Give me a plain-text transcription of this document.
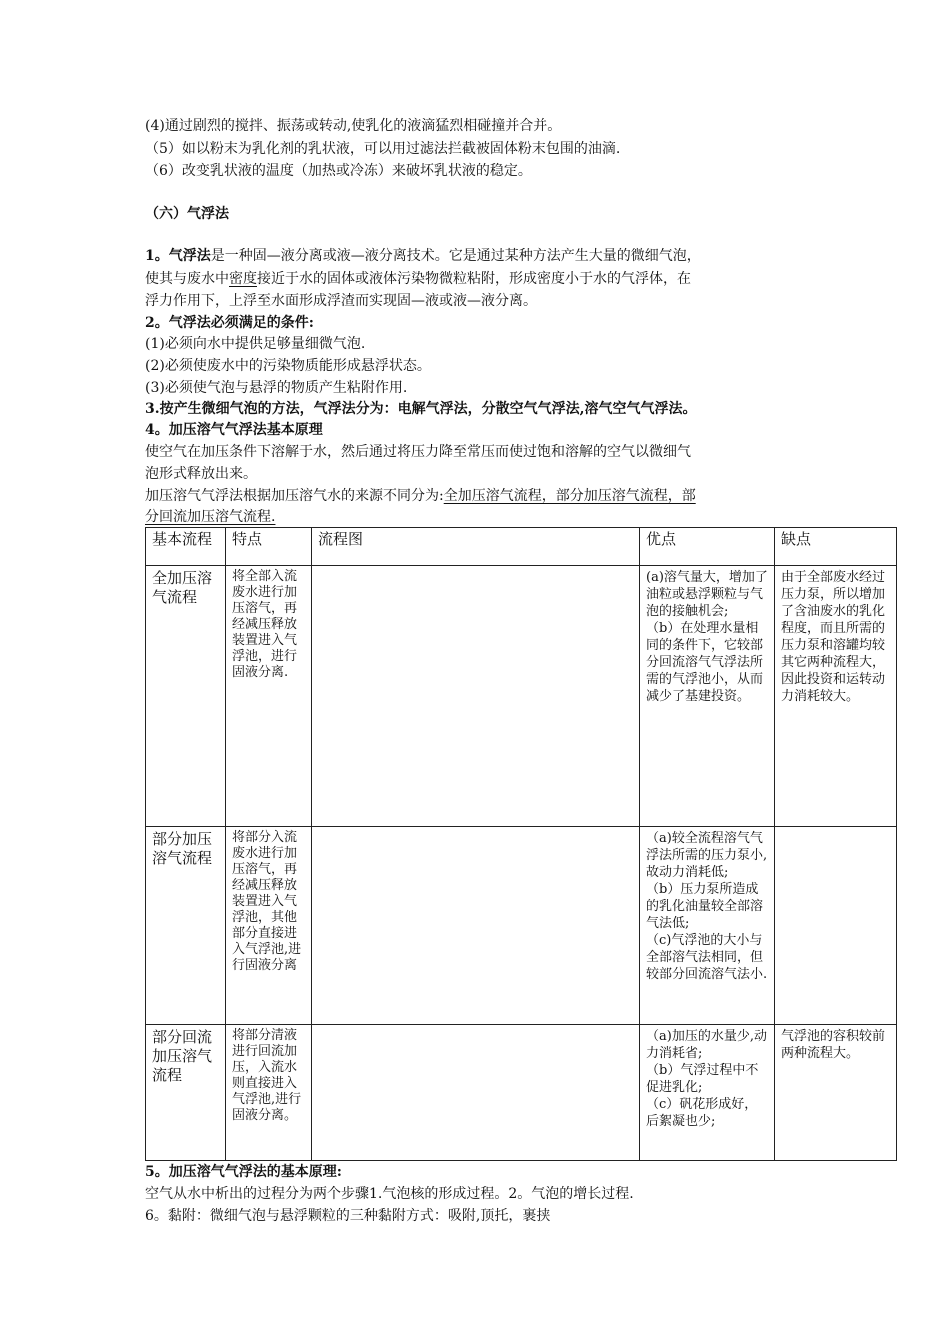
(4)通过剧烈的搅拌、振荡或转动,使乳化的液滴猛烈相碰撞并合并。
（5）如以粉末为乳化剂的乳状液，可以用过滤法拦截被固体粉末包围的油滴.
（6）改变乳状液的温度（加热或冷冻）来破坏乳状液的稳定。
（六）气浮法
1。气浮法是一种固—液分离或液—液分离技术。它是通过某种方法产生大量的微细气泡，
使其与废水中密度接近于水的固体或液体污染物微粒粘附，形成密度小于水的气浮体，在
浮力作用下，上浮至水面形成浮渣而实现固—液或液—液分离。
2。气浮法必须满足的条件:
(1)必须向水中提供足够量细微气泡.
(2)必须使废水中的污染物质能形成悬浮状态。
(3)必须使气泡与悬浮的物质产生粘附作用.
3.按产生微细气泡的方法，气浮法分为：电解气浮法，分散空气气浮法,溶气空气气浮法。
4。加压溶气气浮法基本原理
使空气在加压条件下溶解于水，然后通过将压力降至常压而使过饱和溶解的空气以微细气
泡形式释放出来。
加压溶气气浮法根据加压溶气水的来源不同分为:全加压溶气流程，部分加压溶气流程，部
分回流加压溶气流程.
基本流程	特点	流程图	优点	缺点
全加压溶气流程	将全部入流废水进行加压溶气，再经减压释放装置进入气浮池，进行固液分离.		(a)溶气量大，增加了油粒或悬浮颗粒与气泡的接触机会;
（b）在处理水量相同的条件下，它较部分回流溶气气浮法所需的气浮池小，从而减少了基建投资。	由于全部废水经过压力泵，所以增加了含油废水的乳化程度，而且所需的压力泵和溶罐均较其它两种流程大，因此投资和运转动力消耗较大。
部分加压溶气流程	将部分入流废水进行加压溶气，再经减压释放装置进入气浮池，其他部分直接进入气浮池,进行固液分离		（a)较全流程溶气气浮法所需的压力泵小,故动力消耗低;
（b）压力泵所造成的乳化油量较全部溶气法低;
（c)气浮池的大小与全部溶气法相同，但较部分回流溶气法小.	
部分回流加压溶气流程	将部分清液进行回流加压，入流水则直接进入气浮池,进行固液分离。		（a)加压的水量少,动力消耗省;
（b）气浮过程中不促进乳化;
（c）矾花形成好，后絮凝也少;	气浮池的容积较前两种流程大。
5。加压溶气气浮法的基本原理:
空气从水中析出的过程分为两个步骤1.气泡核的形成过程。2。气泡的增长过程.
6。黏附：微细气泡与悬浮颗粒的三种黏附方式：吸附,顶托，裹挟
